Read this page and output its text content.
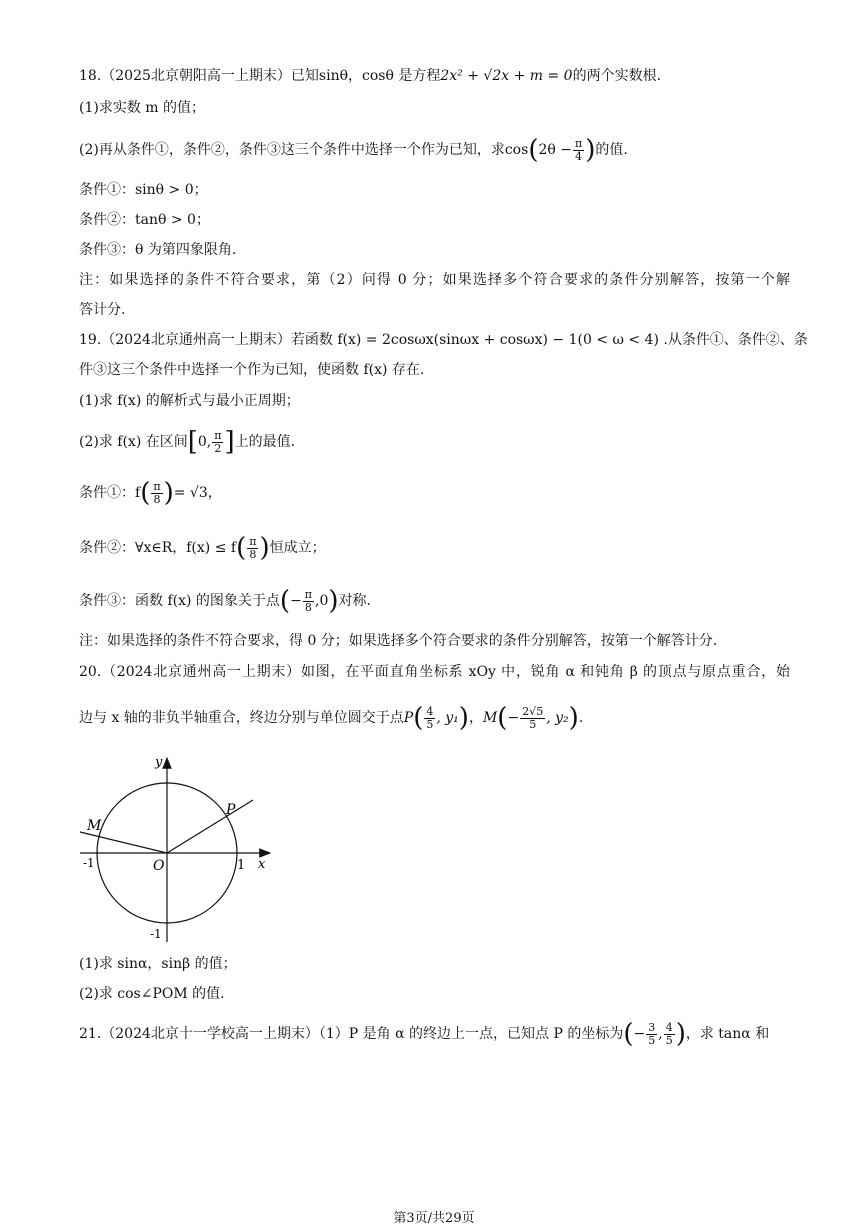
18.（2025北京朝阳高一上期末）已知sinθ，cosθ 是方程2x² + √2x + m = 0的两个实数根.
(1)求实数 m 的值；
(2)再从条件①，条件②，条件③这三个条件中选择一个作为已知，求$\cos(2\theta - \frac{\pi}{4}$ )的值.
条件①：sinθ > 0；
条件②：tanθ > 0；
条件③：θ 为第四象限角.
注：如果选择的条件不符合要求，第（2）问得 0 分；如果选择多个符合要求的条件分别解答，按第一个解
答计分.
19.（2024北京通州高一上期末）若函数 f(x) = 2cosωx(sinωx + cosωx) − 1(0 < ω < 4) .从条件①、条件②、条
件③这三个条件中选择一个作为已知，使函数 f(x) 存在.
(1)求 f(x) 的解析式与最小正周期；
(2)求 f(x) 在区间[0, $\frac{\pi}{2}$ ]上的最值.
条件①：$f( \frac{\pi}{8}$ )= √3，
条件②：∀x∈R，$f(x) \le f( \frac{\pi}{8}$ )恒成立；
条件③：函数 f(x) 的图象关于点(− $\frac{\pi}{8} ,0$)对称.
注：如果选择的条件不符合要求，得 0 分；如果选择多个符合要求的条件分别解答，按第一个解答计分.
20.（2024北京通州高一上期末）如图，在平面直角坐标系 xOy 中，锐角 α 和钝角 β 的顶点与原点重合，始
边与 x 轴的非负半轴重合，终边分别与单位圆交于点$P( \frac{4}{5}$ , y₁)，$M(- \frac{2√5}{5}$ , y₂).
y
x
O	1
-1
-1
P
M
(1)求 sinα，sinβ 的值；
(2)求 cos∠POM 的值.
21.（2024北京十一学校高一上期末）（1）P 是角 α 的终边上一点，已知点 P 的坐标为(− $\frac{3}{5}$ , $\frac{4}{5}$ )，求 tanα 和
第3页/共29页
